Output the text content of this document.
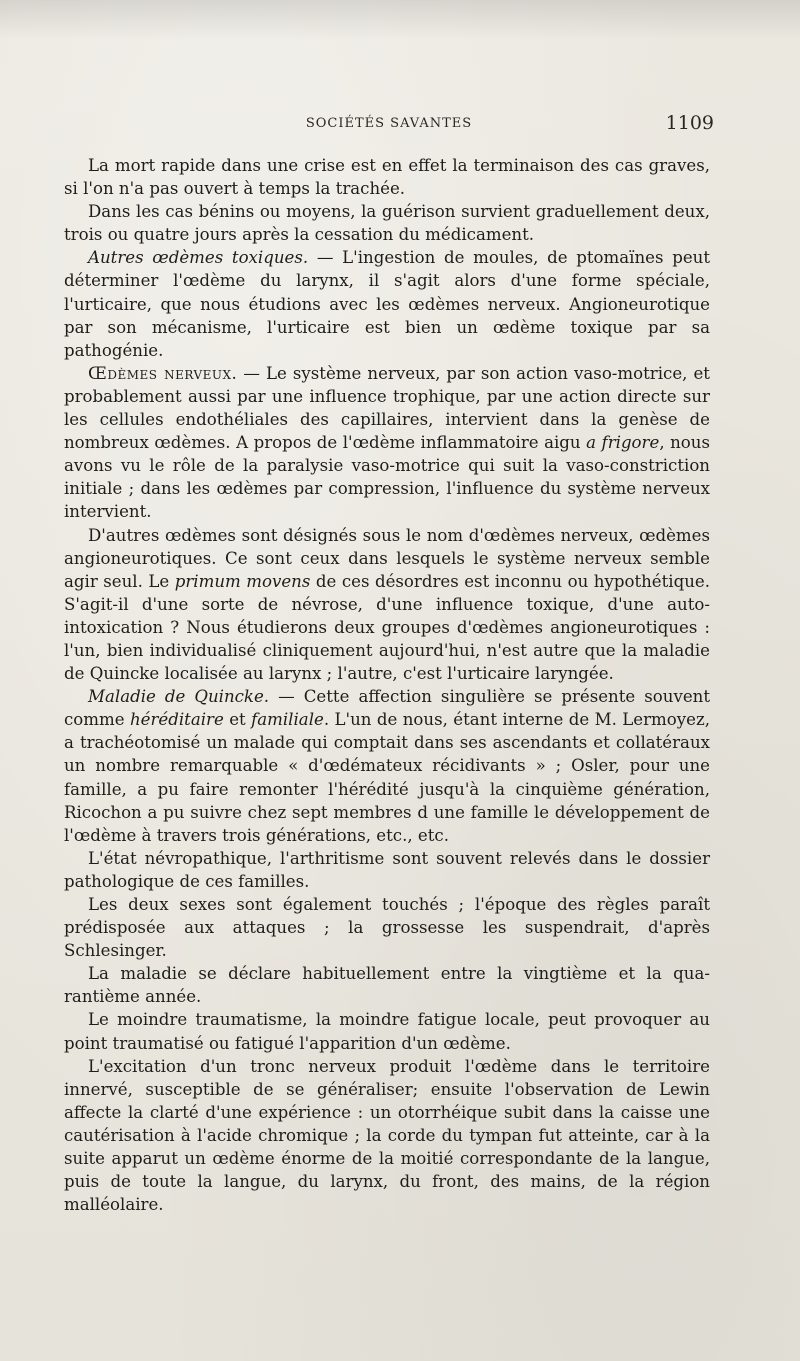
SOCIÉTÉS SAVANTES	1109

La mort rapide dans une crise est en effet la terminaison des cas graves, si l'on n'a pas ouvert à temps la trachée.

Dans les cas bénins ou moyens, la guérison survient graduellement deux, trois ou quatre jours après la cessation du médicament.

Autres œdèmes toxiques. — L'ingestion de moules, de ptomaïnes peut déterminer l'œdème du larynx, il s'agit alors d'une forme spéciale, l'urticaire, que nous étudions avec les œdèmes nerveux. Angioneurotique par son mécanisme, l'urticaire est bien un œdème toxique par sa pathogénie.

Œdèmes nerveux. — Le système nerveux, par son action vaso-motrice, et probablement aussi par une influence trophique, par une action directe sur les cellules endothéliales des capillaires, intervient dans la genèse de nombreux œdèmes. A propos de l'œdème inflammatoire aigu a frigore, nous avons vu le rôle de la paralysie vaso-motrice qui suit la vaso-constriction initiale ; dans les œdèmes par compression, l'influence du système nerveux intervient.

D'autres œdèmes sont désignés sous le nom d'œdèmes nerveux, œdèmes angioneurotiques. Ce sont ceux dans lesquels le système nerveux semble agir seul. Le primum movens de ces désordres est inconnu ou hypothétique. S'agit-il d'une sorte de névrose, d'une influence toxique, d'une auto-intoxication ? Nous étudierons deux groupes d'œdèmes angioneurotiques : l'un, bien individualisé cliniquement aujourd'hui, n'est autre que la maladie de Quincke localisée au larynx ; l'autre, c'est l'urticaire laryngée.

Maladie de Quincke. — Cette affection singulière se présente souvent comme héréditaire et familiale. L'un de nous, étant interne de M. Lermoyez, a trachéotomisé un malade qui comptait dans ses ascendants et collatéraux un nombre remarquable « d'œdémateux récidivants » ; Osler, pour une famille, a pu faire remonter l'hérédité jusqu'à la cinquième génération, Ricochon a pu suivre chez sept membres d une famille le développement de l'œdème à travers trois générations, etc., etc.

L'état névropathique, l'arthritisme sont souvent relevés dans le dossier pathologique de ces familles.

Les deux sexes sont également touchés ; l'époque des règles paraît prédisposée aux attaques ; la grossesse les suspendrait, d'après Schlesinger.

La maladie se déclare habituellement entre la vingtième et la quarantième année.

Le moindre traumatisme, la moindre fatigue locale, peut provoquer au point traumatisé ou fatigué l'apparition d'un œdème.

L'excitation d'un tronc nerveux produit l'œdème dans le territoire innervé, susceptible de se généraliser; ensuite l'observation de Lewin affecte la clarté d'une expérience : un otorrhéique subit dans la caisse une cautérisation à l'acide chromique ; la corde du tympan fut atteinte, car à la suite apparut un œdème énorme de la moitié correspondante de la langue, puis de toute la langue, du larynx, du front, des mains, de la région malléolaire.
